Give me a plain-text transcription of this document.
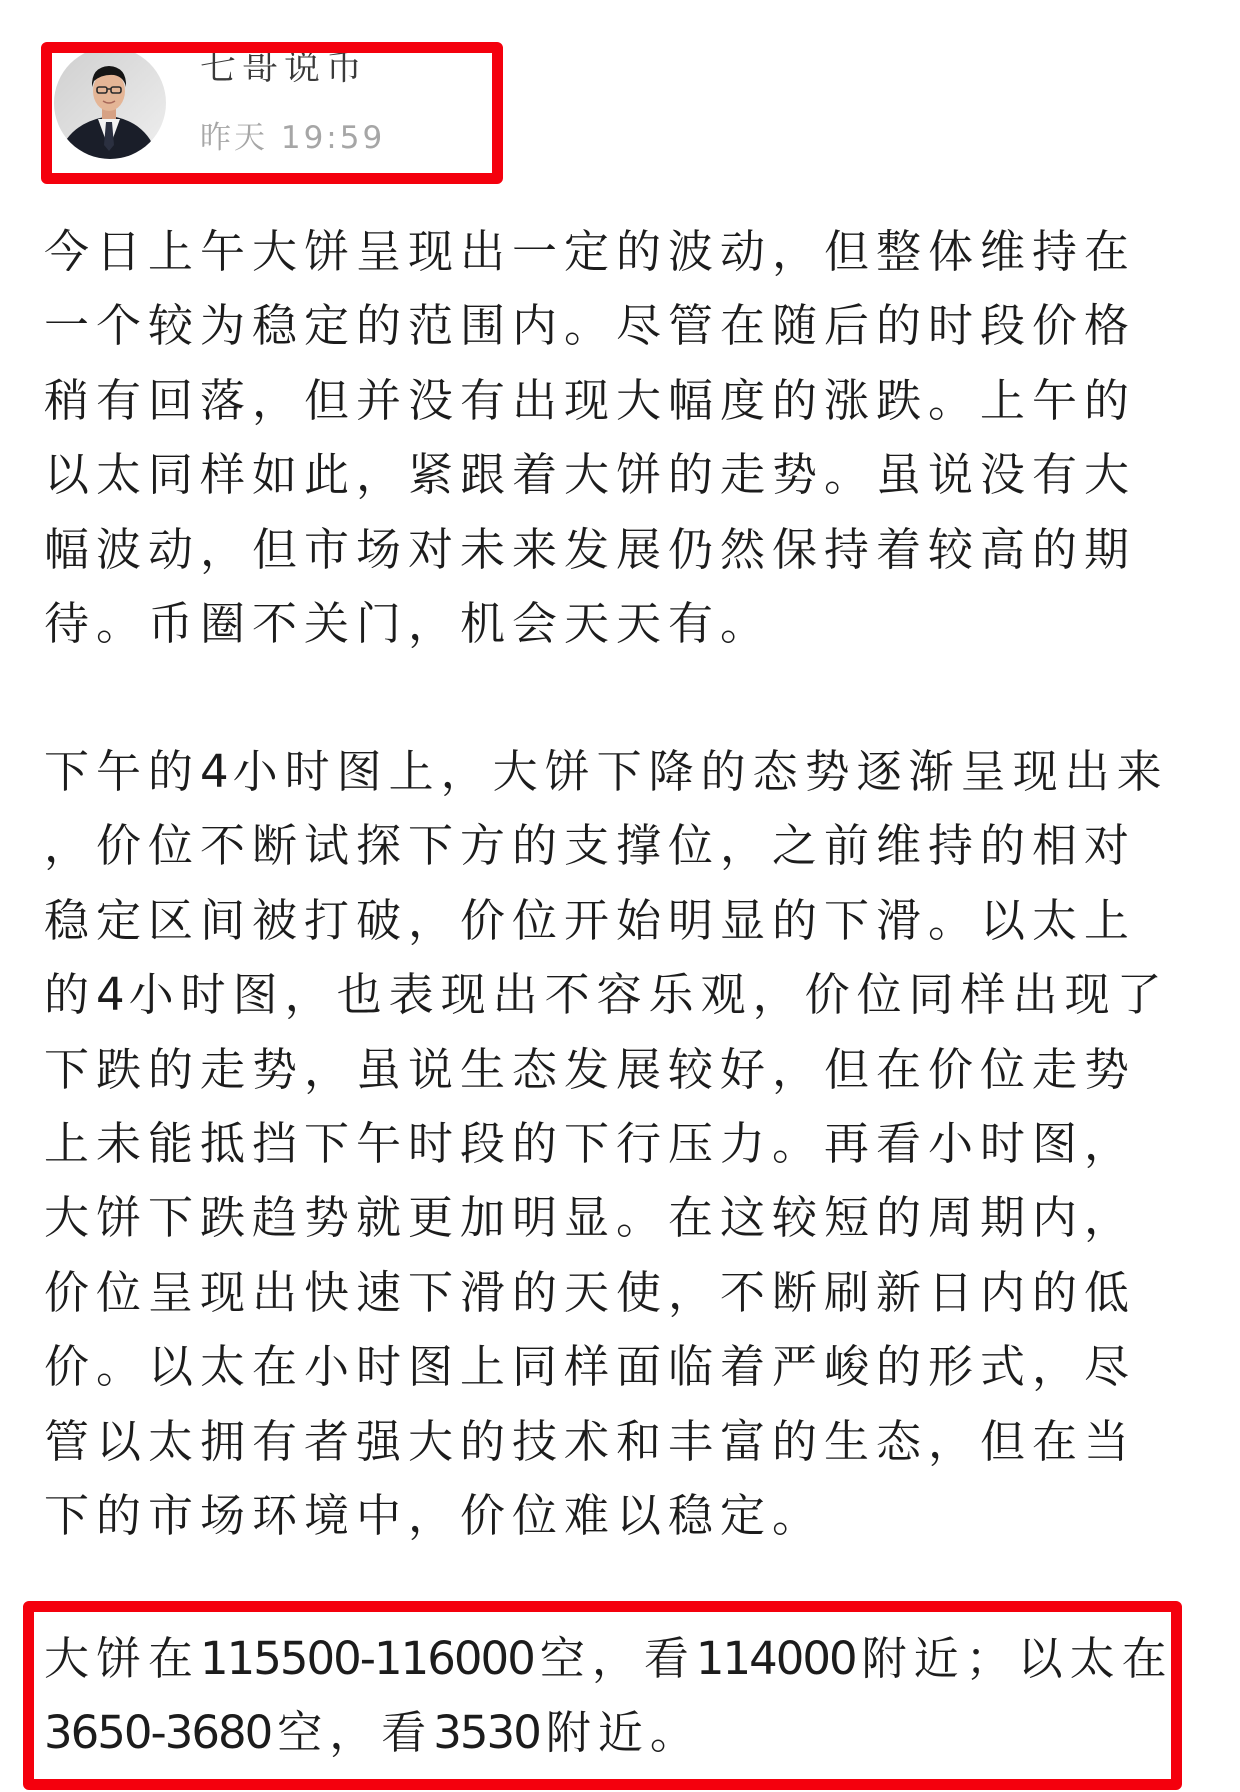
七哥说币
昨天 19:59
今日上午大饼呈现出一定的波动，但整体维持在
一个较为稳定的范围内。尽管在随后的时段价格
稍有回落，但并没有出现大幅度的涨跌。上午的
以太同样如此，紧跟着大饼的走势。虽说没有大
幅波动，但市场对未来发展仍然保持着较高的期
待。币圈不关门，机会天天有。
下午的4 小时图上，大饼下降的态势逐渐呈现出来
，价位不断试探下方的支撑位，之前维持的相对
稳定区间被打破，价位开始明显的下滑。以太上
的4 小时图，也表现出不容乐观，价位同样出现了
下跌的走势，虽说生态发展较好，但在价位走势
上未能抵挡下午时段的下行压力。再看小时图，
大饼下跌趋势就更加明显。在这较短的周期内，
价位呈现出快速下滑的天使，不断刷新日内的低
价。以太在小时图上同样面临着严峻的形式，尽
管以太拥有者强大的技术和丰富的生态，但在当
下的市场环境中，价位难以稳定。
大饼在115500-116000 空，看114000 附近；以太在
3650-3680 空，看3530 附近。
